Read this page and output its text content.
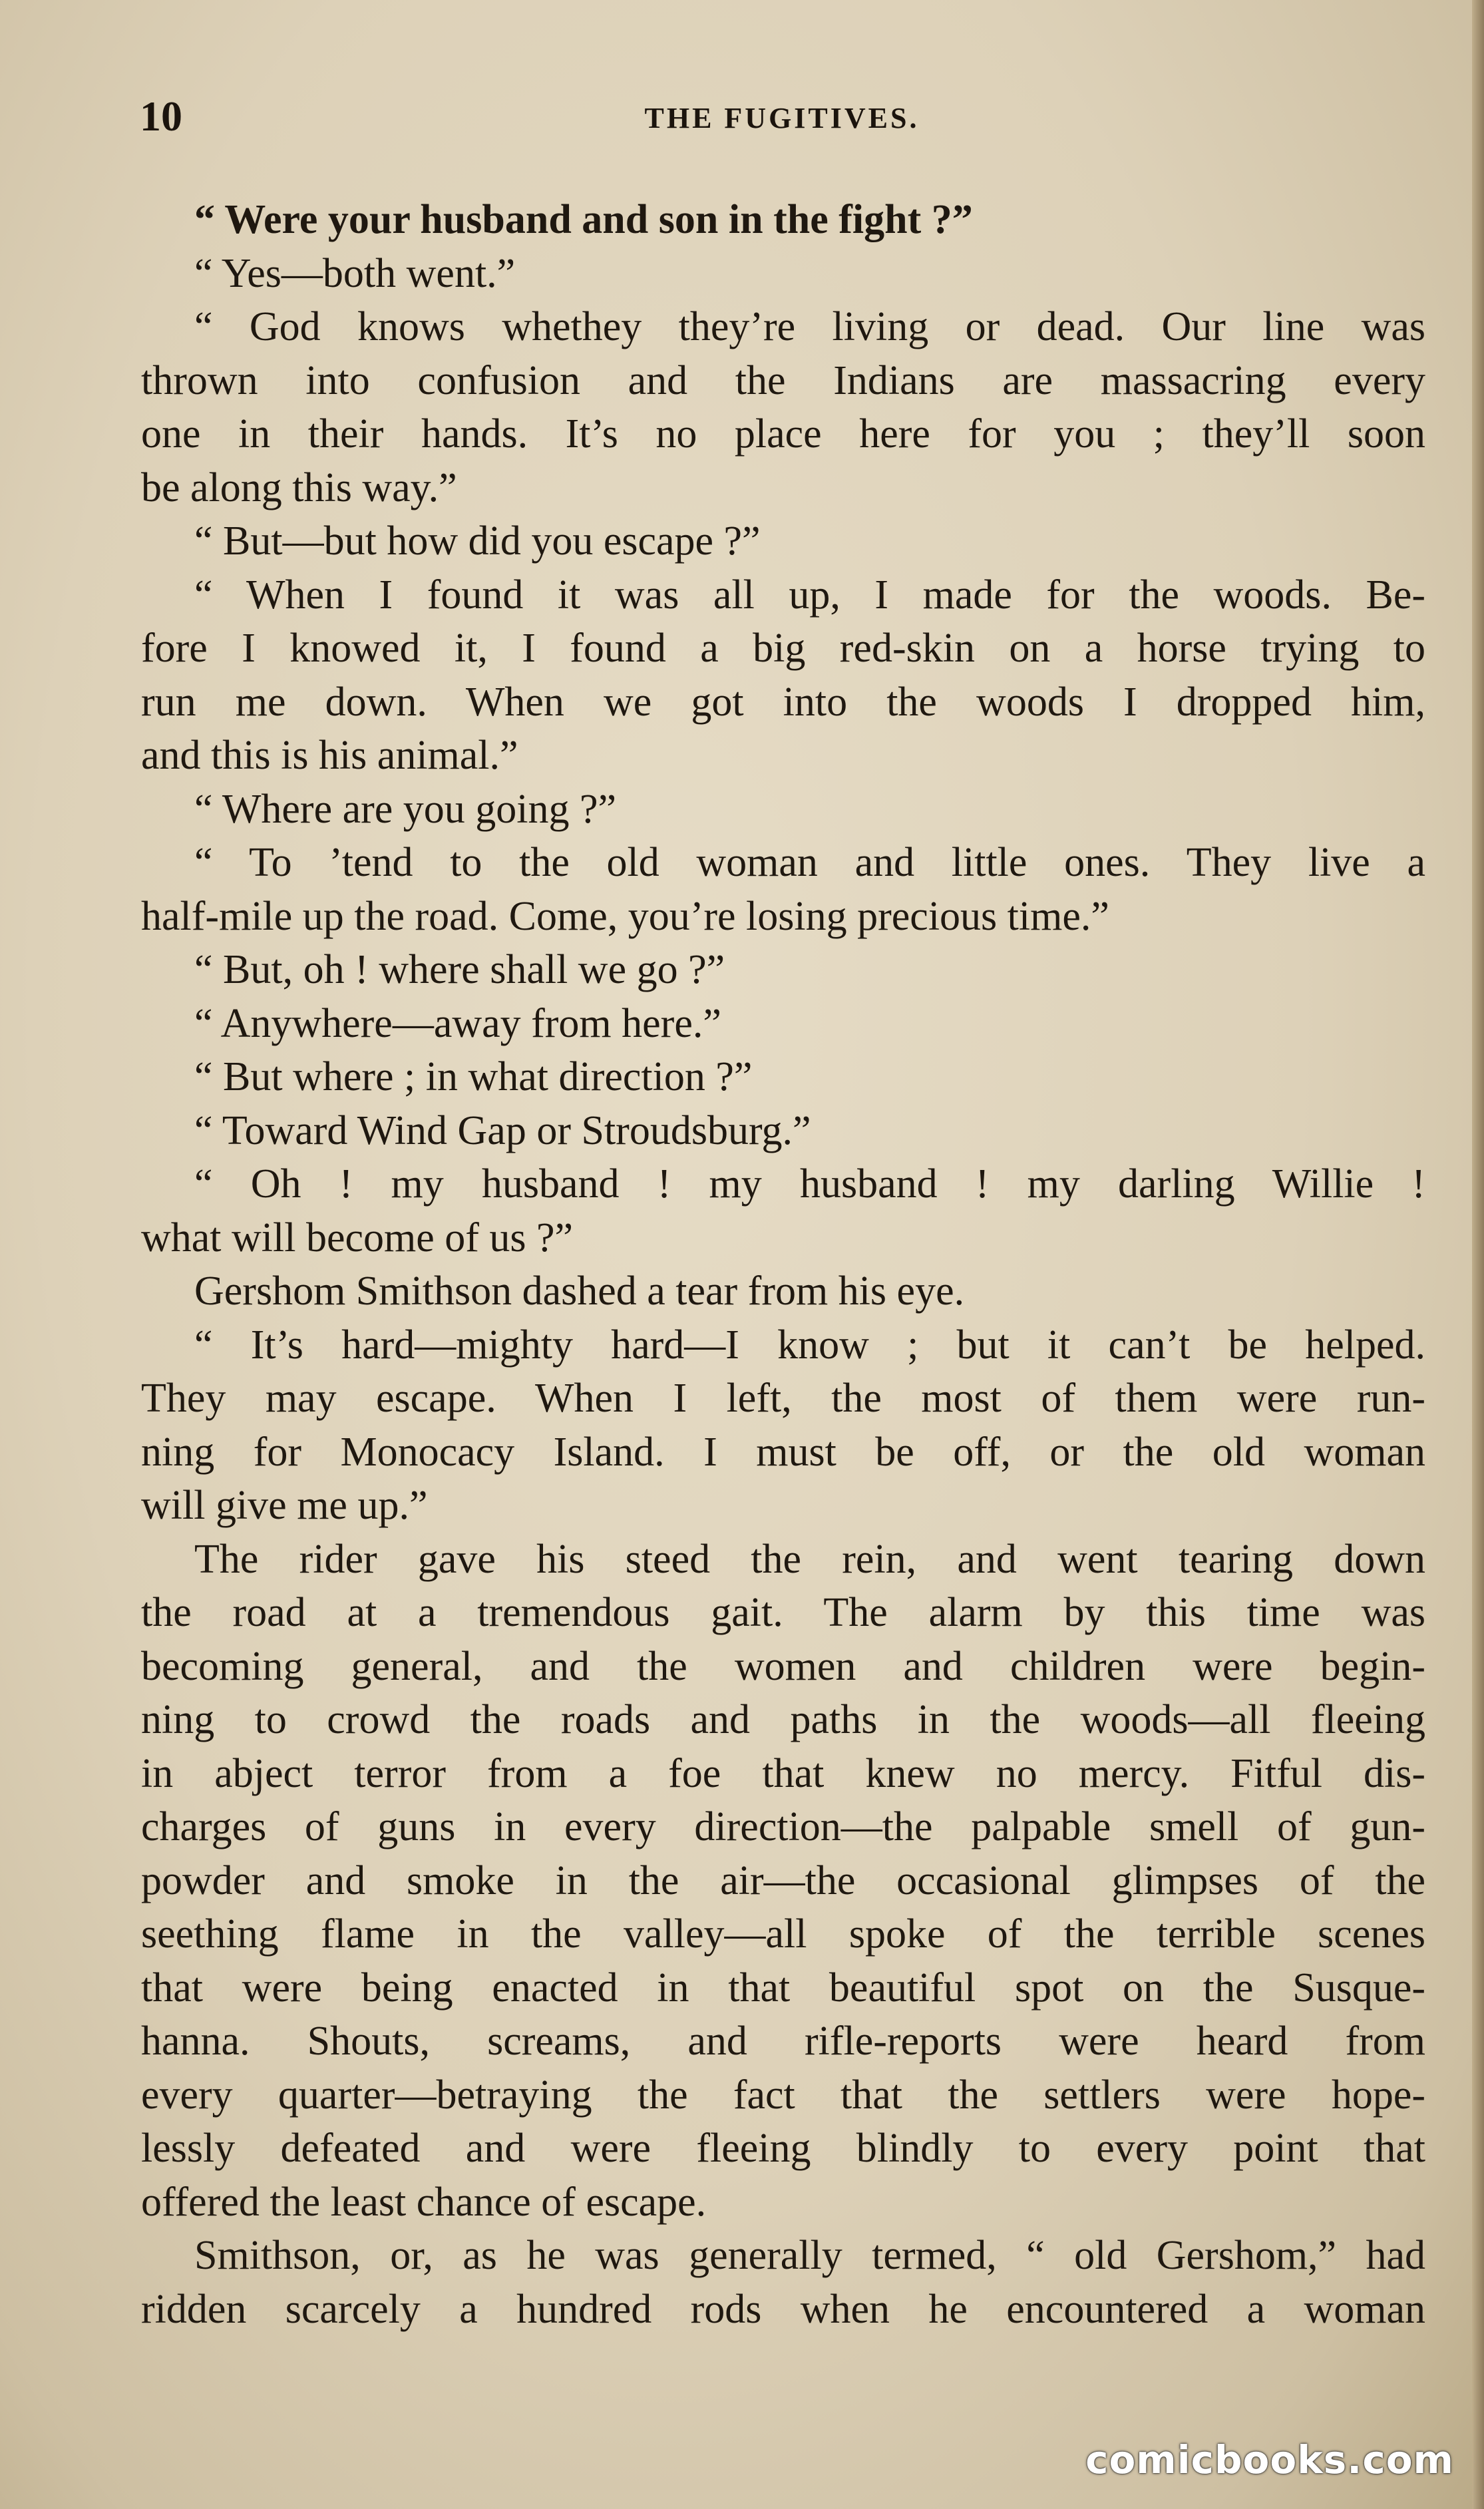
10	THE FUGITIVES.
“ Were your husband and son in the fight ?”
“ Yes—both went.”
“ God knows whethey they’re living or dead. Our line was
thrown into confusion and the Indians are massacring every
one in their hands. It’s no place here for you ; they’ll soon
be along this way.”
“ But—but how did you escape ?”
“ When I found it was all up, I made for the woods. Be-
fore I knowed it, I found a big red-skin on a horse trying to
run me down. When we got into the woods I dropped him,
and this is his animal.”
“ Where are you going ?”
“ To ’tend to the old woman and little ones. They live a
half-mile up the road. Come, you’re losing precious time.”
“ But, oh ! where shall we go ?”
“ Anywhere—away from here.”
“ But where ; in what direction ?”
“ Toward Wind Gap or Stroudsburg.”
“ Oh ! my husband ! my husband ! my darling Willie !
what will become of us ?”
Gershom Smithson dashed a tear from his eye.
“ It’s hard—mighty hard—I know ; but it can’t be helped.
They may escape. When I left, the most of them were run-
ning for Monocacy Island. I must be off, or the old woman
will give me up.”
The rider gave his steed the rein, and went tearing down
the road at a tremendous gait. The alarm by this time was
becoming general, and the women and children were begin-
ning to crowd the roads and paths in the woods—all fleeing
in abject terror from a foe that knew no mercy. Fitful dis-
charges of guns in every direction—the palpable smell of gun-
powder and smoke in the air—the occasional glimpses of the
seething flame in the valley—all spoke of the terrible scenes
that were being enacted in that beautiful spot on the Susque-
hanna. Shouts, screams, and rifle-reports were heard from
every quarter—betraying the fact that the settlers were hope-
lessly defeated and were fleeing blindly to every point that
offered the least chance of escape.
Smithson, or, as he was generally termed, “ old Gershom,” had
ridden scarcely a hundred rods when he encountered a woman
comicbooks.com
